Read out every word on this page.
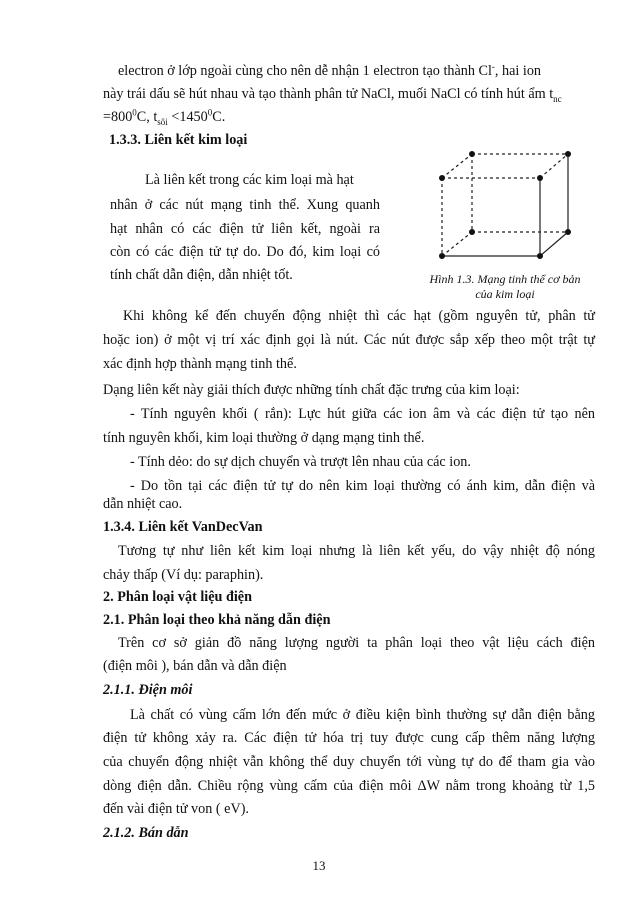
electron ở lớp ngoài cùng cho nên dễ nhận 1 electron tạo thành Cl-, hai ion
này trái dấu sẽ hút nhau và tạo thành phân tử NaCl, muối NaCl có tính hút ẩm $t_{nc}$
$=800^0C$, $t_{sôi} <1450^0C$.
1.3.3. Liên kết kim loại
Là liên kết trong các kim loại mà hạt
nhân ở các nút mạng tinh thể. Xung quanh
hạt nhân có các điện tử liên kết, ngoài ra
còn có các điện tử tự do. Do đó, kim loại có
tính chất dẫn điện, dẫn nhiệt tốt.	Hình 1.3. Mạng tinh thể cơ bản
của kim loại
Khi không kể đến chuyển động nhiệt thì các hạt (gồm nguyên tử, phân tử
hoặc ion) ở một vị trí xác định gọi là nút. Các nút được sắp xếp theo một trật tự
xác định hợp thành mạng tinh thể.
Dạng liên kết này giải thích được những tính chất đặc trưng của kim loại:
- Tính nguyên khối ( rắn): Lực hút giữa các ion âm và các điện tử tạo nên
tính nguyên khối, kim loại thường ở dạng mạng tinh thể.
- Tính dẻo: do sự dịch chuyển và trượt lên nhau của các ion.
- Do tồn tại các điện tử tự do nên kim loại thường có ánh kim, dẫn điện và
dẫn nhiệt cao.
1.3.4. Liên kết VanDecVan
Tương tự như liên kết kim loại nhưng là liên kết yếu, do vậy nhiệt độ nóng
chảy thấp (Ví dụ: paraphin).
2. Phân loại vật liệu điện
2.1. Phân loại theo khả năng dẫn điện
Trên cơ sở giản đồ năng lượng người ta phân loại theo vật liệu cách điện
(điện môi ), bán dẫn và dẫn điện
2.1.1. Điện môi
Là chất có vùng cấm lớn đến mức ở điều kiện bình thường sự dẫn điện bằng
điện tử không xảy ra. Các điện tử hóa trị tuy được cung cấp thêm năng lượng
của chuyển động nhiệt vẫn không thể duy chuyển tới vùng tự do để tham gia vào
dòng điện dẫn. Chiều rộng vùng cấm của điện môi ΔW nằm trong khoảng từ 1,5
đến vài điện tử von ( eV).
2.1.2. Bán dẫn
13
